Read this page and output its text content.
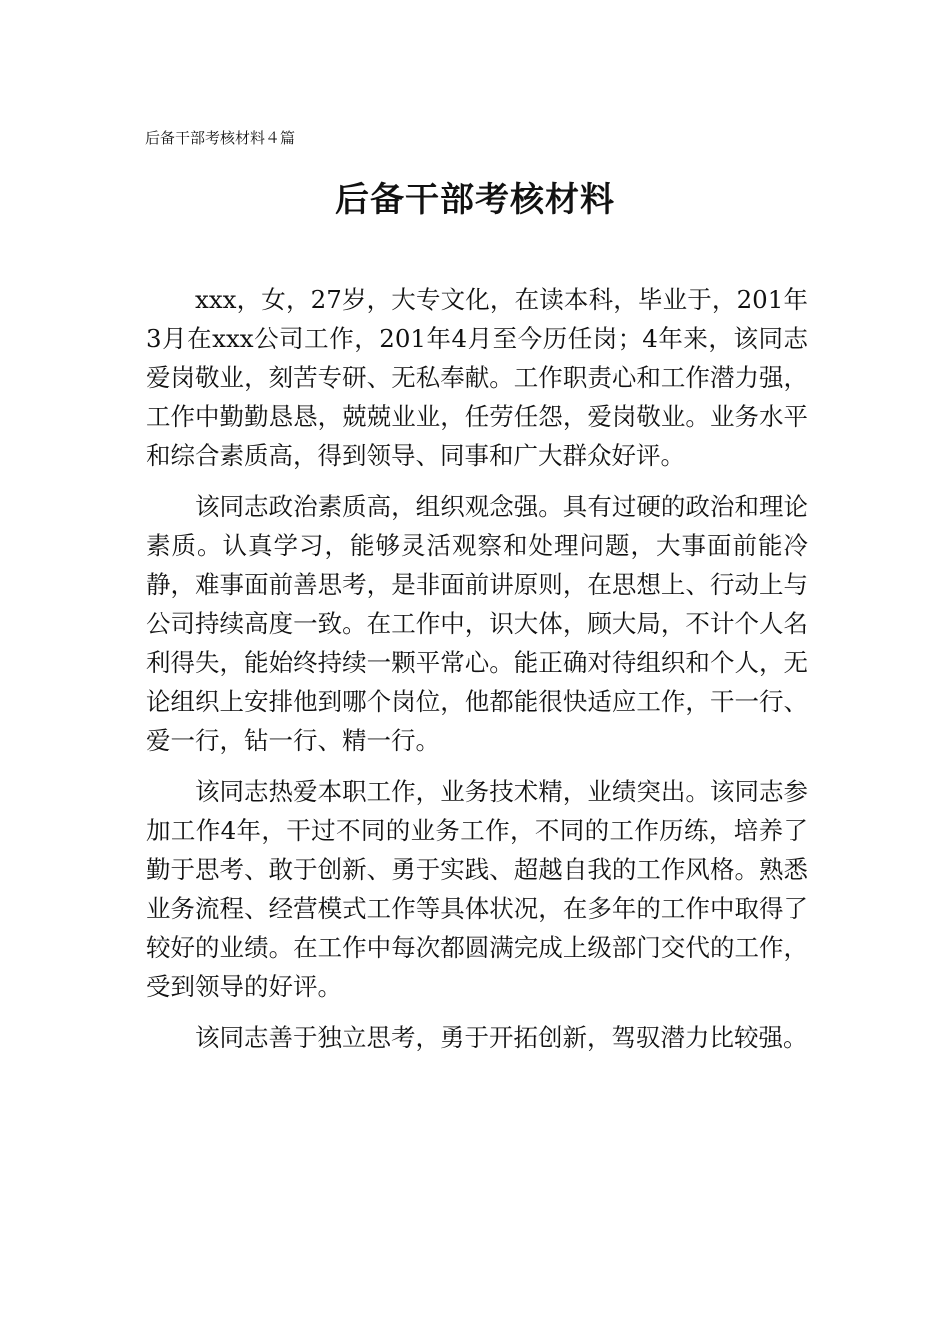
后备干部考核材料４篇
后备干部考核材料

xxx，女，27岁，大专文化，在读本科，毕业于，201年3月在xxx公司工作，201年4月至今历任岗；4年来，该同志爱岗敬业，刻苦专研、无私奉献。工作职责心和工作潜力强，工作中勤勤恳恳，兢兢业业，任劳任怨，爱岗敬业。业务水平和综合素质高，得到领导、同事和广大群众好评。

该同志政治素质高，组织观念强。具有过硬的政治和理论素质。认真学习，能够灵活观察和处理问题，大事面前能冷静，难事面前善思考，是非面前讲原则，在思想上、行动上与公司持续高度一致。在工作中，识大体，顾大局，不计个人名利得失，能始终持续一颗平常心。能正确对待组织和个人，无论组织上安排他到哪个岗位，他都能很快适应工作，干一行、爱一行，钻一行、精一行。

该同志热爱本职工作，业务技术精，业绩突出。该同志参加工作4年，干过不同的业务工作，不同的工作历练，培养了勤于思考、敢于创新、勇于实践、超越自我的工作风格。熟悉业务流程、经营模式工作等具体状况，在多年的工作中取得了较好的业绩。在工作中每次都圆满完成上级部门交代的工作，受到领导的好评。

该同志善于独立思考，勇于开拓创新，驾驭潜力比较强。
